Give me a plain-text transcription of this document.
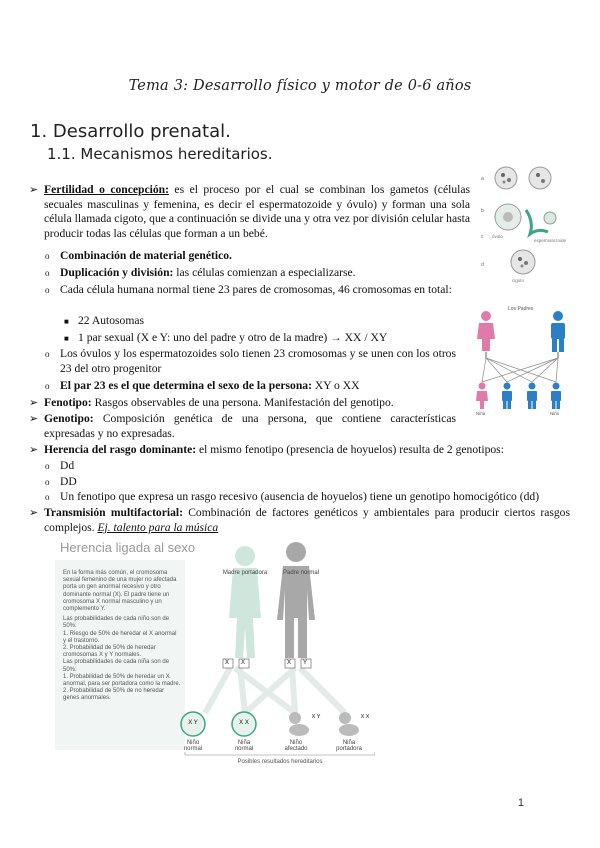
Tema 3: Desarrollo físico y motor de 0-6 años
1. Desarrollo prenatal.
1.1. Mecanismos hereditarios.
a
b
c
d
óvulo
espermatozoide
cigoto
Los Padres
Niña	Niño
➢ Fertilidad o concepción: es el proceso por el cual se combinan los gametos (células secuales masculinas y femenina, es decir el espermatozoide y óvulo) y forman una sola célula llamada cigoto, que a continuación se divide una y otra vez por división celular hasta producir todas las células que forman a un bebé.
o Combinación de material genético.
o Duplicación y división: las células comienzan a especializarse.
o Cada célula humana normal tiene 23 pares de cromosomas, 46 cromosomas en total:
■ 22 Autosomas
■ 1 par sexual (X e Y: uno del padre y otro de la madre) → XX / XY
o Los óvulos y los espermatozoides solo tienen 23 cromosomas y se unen con los otros 23 del otro progenitor
o El par 23 es el que determina el sexo de la persona: XY o XX
➢ Fenotipo: Rasgos observables de una persona. Manifestación del genotipo.
➢ Genotipo: Composición genética de una persona, que contiene características expresadas y no expresadas.
➢ Herencia del rasgo dominante: el mismo fenotipo (presencia de hoyuelos) resulta de 2 genotipos:
o Dd
o DD
o Un fenotipo que expresa un rasgo recesivo (ausencia de hoyuelos) tiene un genotipo homocigótico (dd)
➢ Transmisión multifactorial: Combinación de factores genéticos y ambientales para producir ciertos rasgos complejos. Ej. talento para la música
Herencia ligada al sexo
En la forma más común, el cromosoma sexual femenino de una mujer no afectada porta un gen anormal recesivo y otro dominante normal (X). El padre tiene un cromosoma X normal masculino y un complemento Y.
Las probabilidades de cada niño son de 50%:
1. Riesgo de 50% de heredar el X anormal y el trastorno.
2. Probabilidad de 50% de heredar cromosomas X y Y normales.
Las probabilidades de cada niña son de 50%:
1. Probabilidad de 50% de heredar un X anormal, para ser portadora como la madre.
2. Probabilidad de 50% de no heredar genes anormales.
Madre portadora	Padre normal
X X	X Y
X Y	X X
X Y	X X
Niño normal
Niña normal
Niño afectado
Niña portadora
Posibles resultados hereditarios
1
